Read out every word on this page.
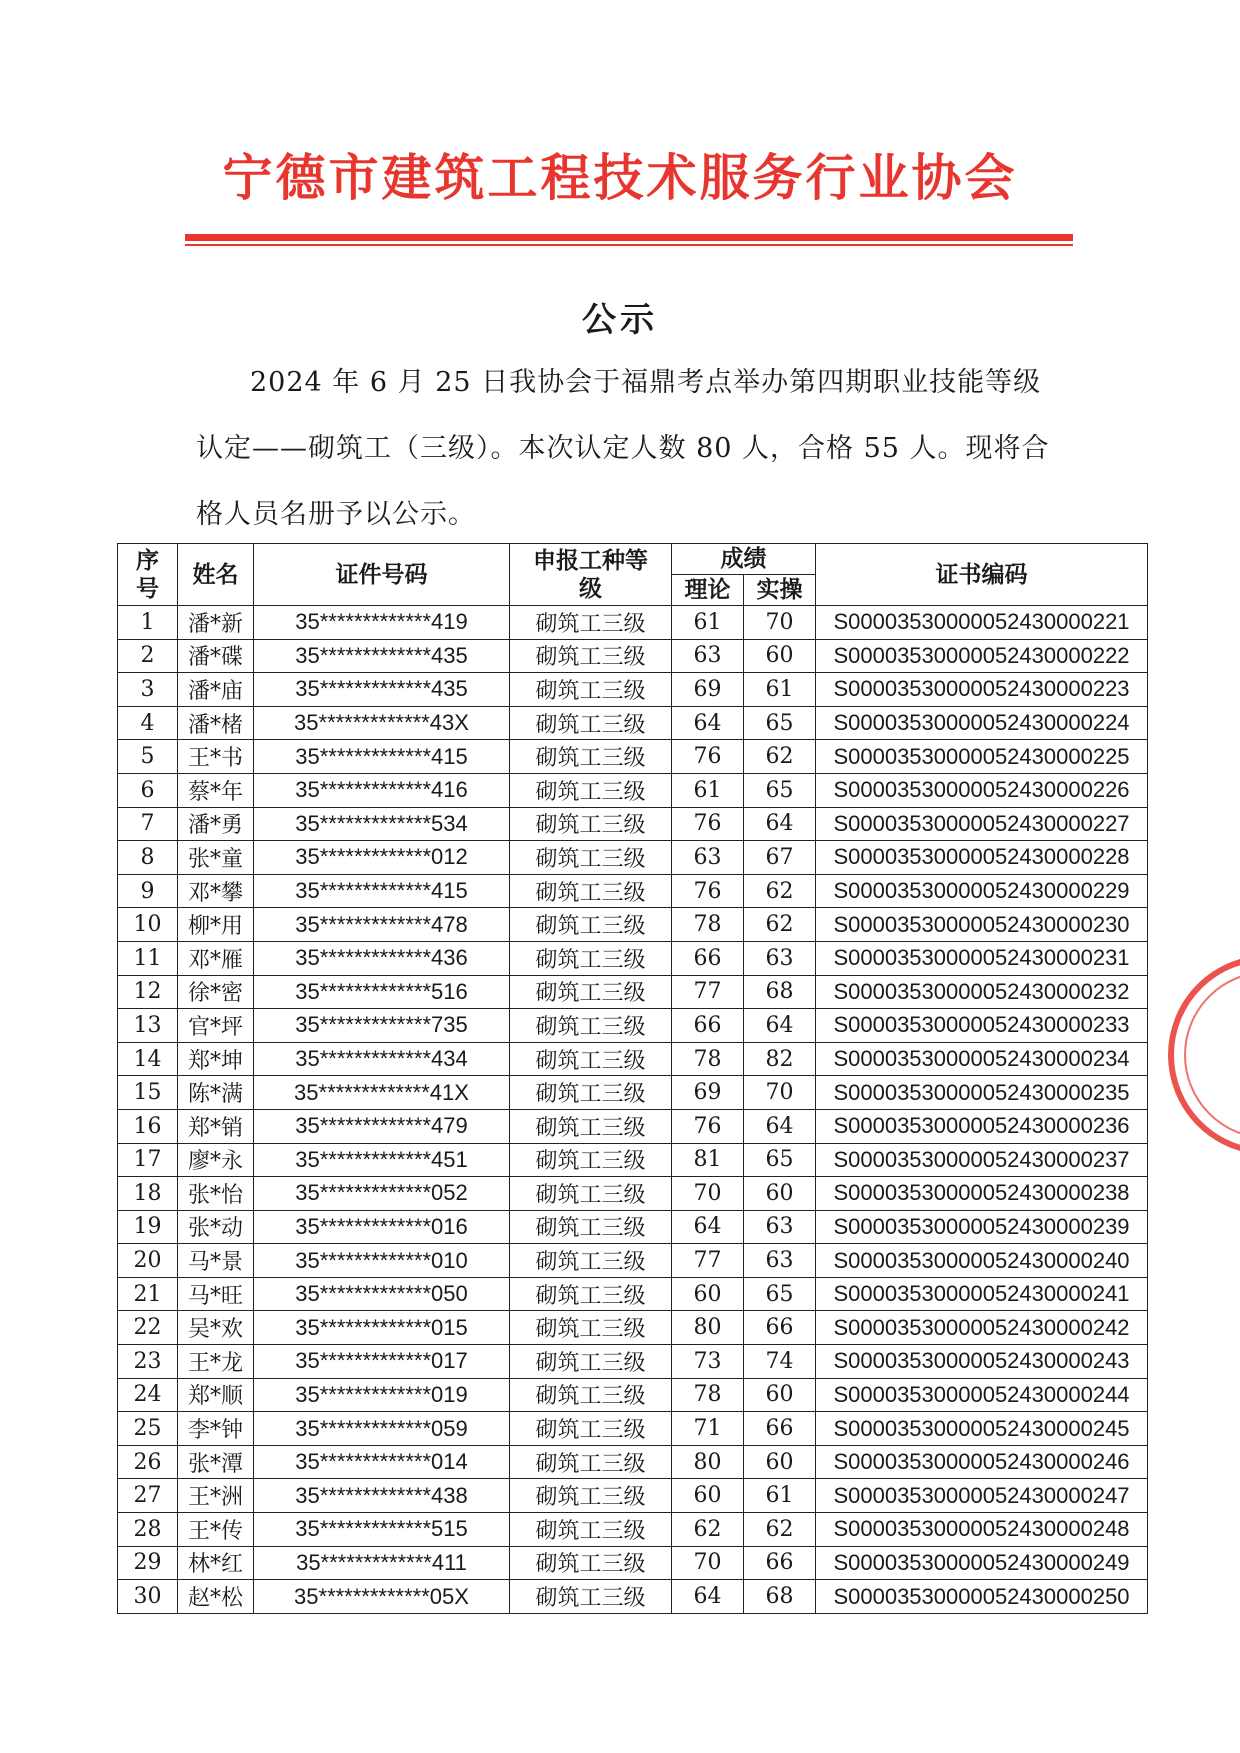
宁德市建筑工程技术服务行业协会
公示
2024 年 6 月 25 日我协会于福鼎考点举办第四期职业技能等级认定——砌筑工（三级）。本次认定人数 80 人，合格 55 人。现将合格人员名册予以公示。
序号	姓名	证件号码	申报工种等级	成绩		证书编码
				理论	实操	
1	潘*新	35*************419	砌筑工三级	61	70	S00003530000052430000221
2	潘*碟	35*************435	砌筑工三级	63	60	S00003530000052430000222
3	潘*庙	35*************435	砌筑工三级	69	61	S00003530000052430000223
4	潘*楮	35*************43X	砌筑工三级	64	65	S00003530000052430000224
5	王*书	35*************415	砌筑工三级	76	62	S00003530000052430000225
6	蔡*年	35*************416	砌筑工三级	61	65	S00003530000052430000226
7	潘*勇	35*************534	砌筑工三级	76	64	S00003530000052430000227
8	张*童	35*************012	砌筑工三级	63	67	S00003530000052430000228
9	邓*攀	35*************415	砌筑工三级	76	62	S00003530000052430000229
10	柳*用	35*************478	砌筑工三级	78	62	S00003530000052430000230
11	邓*雁	35*************436	砌筑工三级	66	63	S00003530000052430000231
12	徐*密	35*************516	砌筑工三级	77	68	S00003530000052430000232
13	官*坪	35*************735	砌筑工三级	66	64	S00003530000052430000233
14	郑*坤	35*************434	砌筑工三级	78	82	S00003530000052430000234
15	陈*满	35*************41X	砌筑工三级	69	70	S00003530000052430000235
16	郑*销	35*************479	砌筑工三级	76	64	S00003530000052430000236
17	廖*永	35*************451	砌筑工三级	81	65	S00003530000052430000237
18	张*怡	35*************052	砌筑工三级	70	60	S00003530000052430000238
19	张*动	35*************016	砌筑工三级	64	63	S00003530000052430000239
20	马*景	35*************010	砌筑工三级	77	63	S00003530000052430000240
21	马*旺	35*************050	砌筑工三级	60	65	S00003530000052430000241
22	吴*欢	35*************015	砌筑工三级	80	66	S00003530000052430000242
23	王*龙	35*************017	砌筑工三级	73	74	S00003530000052430000243
24	郑*顺	35*************019	砌筑工三级	78	60	S00003530000052430000244
25	李*钟	35*************059	砌筑工三级	71	66	S00003530000052430000245
26	张*潭	35*************014	砌筑工三级	80	60	S00003530000052430000246
27	王*洲	35*************438	砌筑工三级	60	61	S00003530000052430000247
28	王*传	35*************515	砌筑工三级	62	62	S00003530000052430000248
29	林*红	35*************411	砌筑工三级	70	66	S00003530000052430000249
30	赵*松	35*************05X	砌筑工三级	64	68	S00003530000052430000250
